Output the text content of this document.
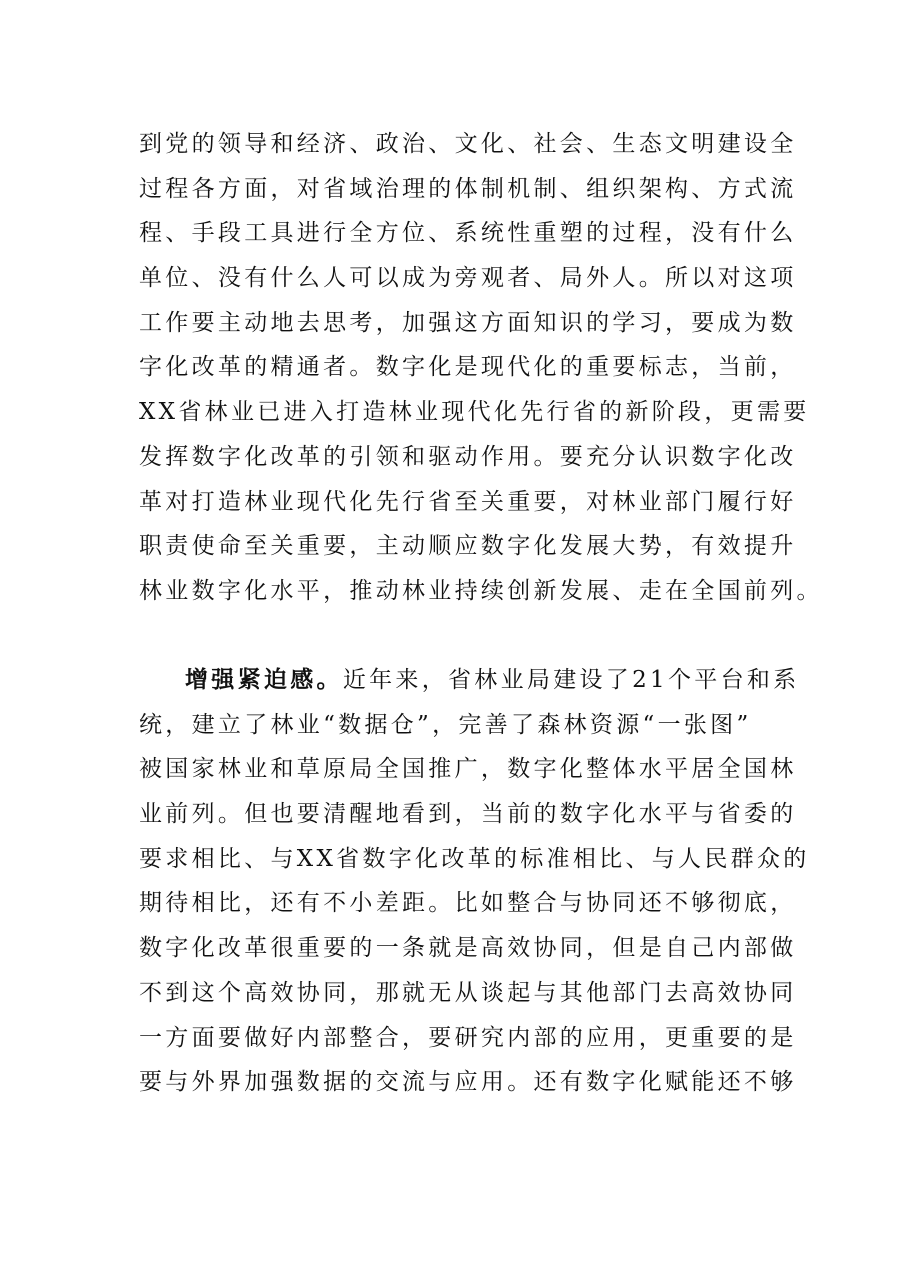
到党的领导和经济、政治、文化、社会、生态文明建设全
过程各方面，对省域治理的体制机制、组织架构、方式流
程、手段工具进行全方位、系统性重塑的过程，没有什么
单位、没有什么人可以成为旁观者、局外人。所以对这项
工作要主动地去思考，加强这方面知识的学习，要成为数
字化改革的精通者。数字化是现代化的重要标志，当前，
XX省林业已进入打造林业现代化先行省的新阶段，更需要
发挥数字化改革的引领和驱动作用。要充分认识数字化改
革对打造林业现代化先行省至关重要，对林业部门履行好
职责使命至关重要，主动顺应数字化发展大势，有效提升
林业数字化水平，推动林业持续创新发展、走在全国前列。
增强紧迫感。近年来，省林业局建设了21个平台和系
统，建立了林业“数据仓”，完善了森林资源“一张图”
被国家林业和草原局全国推广，数字化整体水平居全国林
业前列。但也要清醒地看到，当前的数字化水平与省委的
要求相比、与XX省数字化改革的标准相比、与人民群众的
期待相比，还有不小差距。比如整合与协同还不够彻底，
数字化改革很重要的一条就是高效协同，但是自己内部做
不到这个高效协同，那就无从谈起与其他部门去高效协同
一方面要做好内部整合，要研究内部的应用，更重要的是
要与外界加强数据的交流与应用。还有数字化赋能还不够
